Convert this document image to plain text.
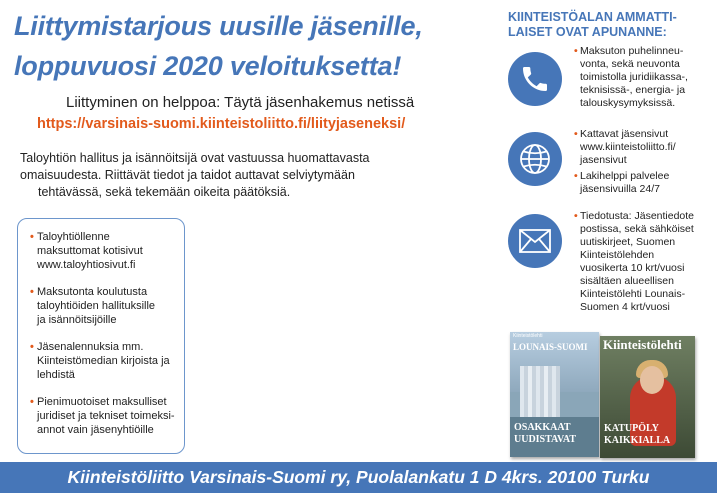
Liittymistarjous uusille jäsenille,
loppuvuosi 2020 veloituksetta!
Liittyminen on helppoa: Täytä jäsenhakemus netissä
https://varsinais-suomi.kiinteistoliitto.fi/liityjaseneksi/
Taloyhtiön hallitus ja isännöitsijä ovat vastuussa huomattavasta
omaisuudesta. Riittävät tiedot ja taidot auttavat selviytymään
tehtävässä, sekä tekemään oikeita päätöksiä.
• Taloyhtiöllenne
maksuttomat kotisivut
www.taloyhtiosivut.fi
• Maksutonta koulutusta
taloyhtiöiden hallituksille
ja isännöitsijöille
• Jäsenalennuksia mm.
Kiinteistömedian kirjoista ja
lehdistä
• Pienimuotoiset maksulliset
juridiset ja tekniset toimeksi-
annot vain jäsenyhtiöille
KIINTEISTÖALAN AMMATTI-
LAISET OVAT APUNANNE:
• Maksuton puhelinneu-
vonta, sekä neuvonta
toimistolla juridiikassa-,
teknisissä-, energia- ja
talouskysymyksissä.
• Kattavat jäsensivut
www.kiinteistoliitto.fi/
jasensivut
• Lakihelppi palvelee
jäsensivuilla 24/7
• Tiedotusta: Jäsentiedote
postissa, sekä sähköiset
uutiskirjeet, Suomen
Kiinteistölehden
vuosikerta 10 krt/vuosi
sisältäen alueellisen
Kiinteistölehti Lounais-
Suomen 4 krt/vuosi
Kiinteistölehti
LOUNAIS-SUOMI
OSAKKAAT
UUDISTAVAT
Kiinteistölehti
KATUPÖLY
KAIKKIALLA
Kiinteistöliitto Varsinais-Suomi ry, Puolalankatu 1 D 4krs. 20100 Turku
